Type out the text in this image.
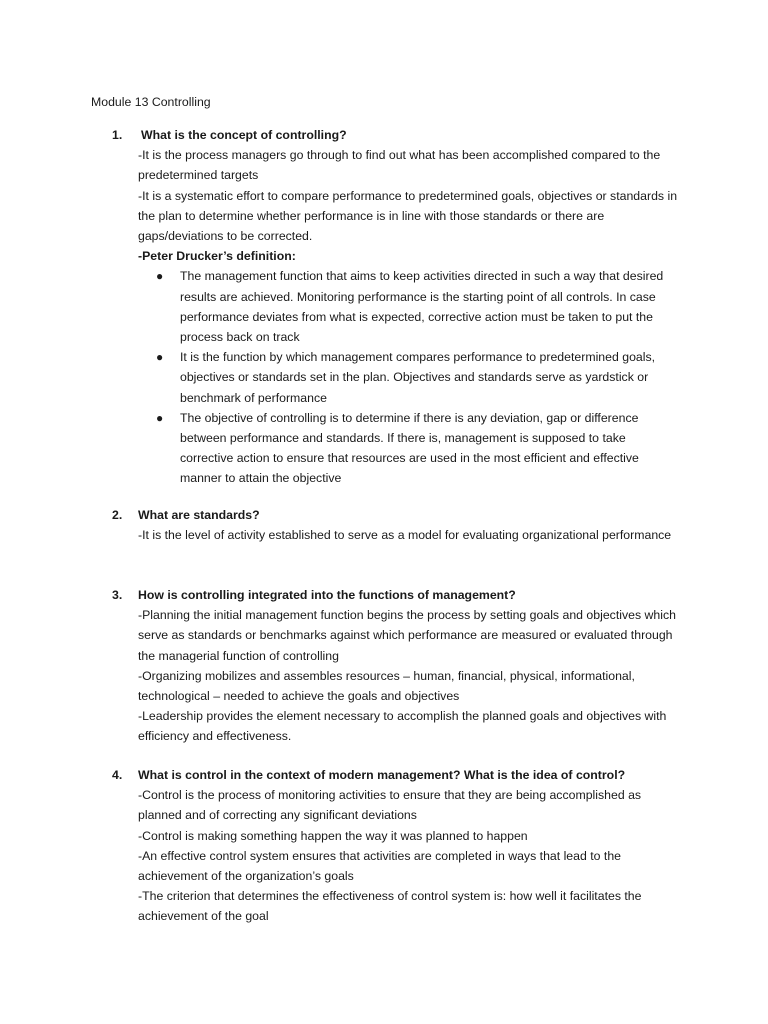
Module 13 Controlling
1.	What is the concept of controlling?
-It is the process managers go through to find out what has been accomplished compared to the predetermined targets
-It is a systematic effort to compare performance to predetermined goals, objectives or standards in the plan to determine whether performance is in line with those standards or there are gaps/deviations to be corrected.
-Peter Drucker’s definition:
● The management function that aims to keep activities directed in such a way that desired results are achieved. Monitoring performance is the starting point of all controls. In case performance deviates from what is expected, corrective action must be taken to put the process back on track
● It is the function by which management compares performance to predetermined goals, objectives or standards set in the plan. Objectives and standards serve as yardstick or benchmark of performance
● The objective of controlling is to determine if there is any deviation, gap or difference between performance and standards. If there is, management is supposed to take corrective action to ensure that resources are used in the most efficient and effective manner to attain the objective
2.	What are standards?
-It is the level of activity established to serve as a model for evaluating organizational performance
3.	How is controlling integrated into the functions of management?
-Planning the initial management function begins the process by setting goals and objectives which serve as standards or benchmarks against which performance are measured or evaluated through the managerial function of controlling
-Organizing mobilizes and assembles resources – human, financial, physical, informational, technological – needed to achieve the goals and objectives
-Leadership provides the element necessary to accomplish the planned goals and objectives with efficiency and effectiveness.
4.	What is control in the context of modern management? What is the idea of control?
-Control is the process of monitoring activities to ensure that they are being accomplished as planned and of correcting any significant deviations
-Control is making something happen the way it was planned to happen
-An effective control system ensures that activities are completed in ways that lead to the achievement of the organization’s goals
-The criterion that determines the effectiveness of control system is: how well it facilitates the achievement of the goal
